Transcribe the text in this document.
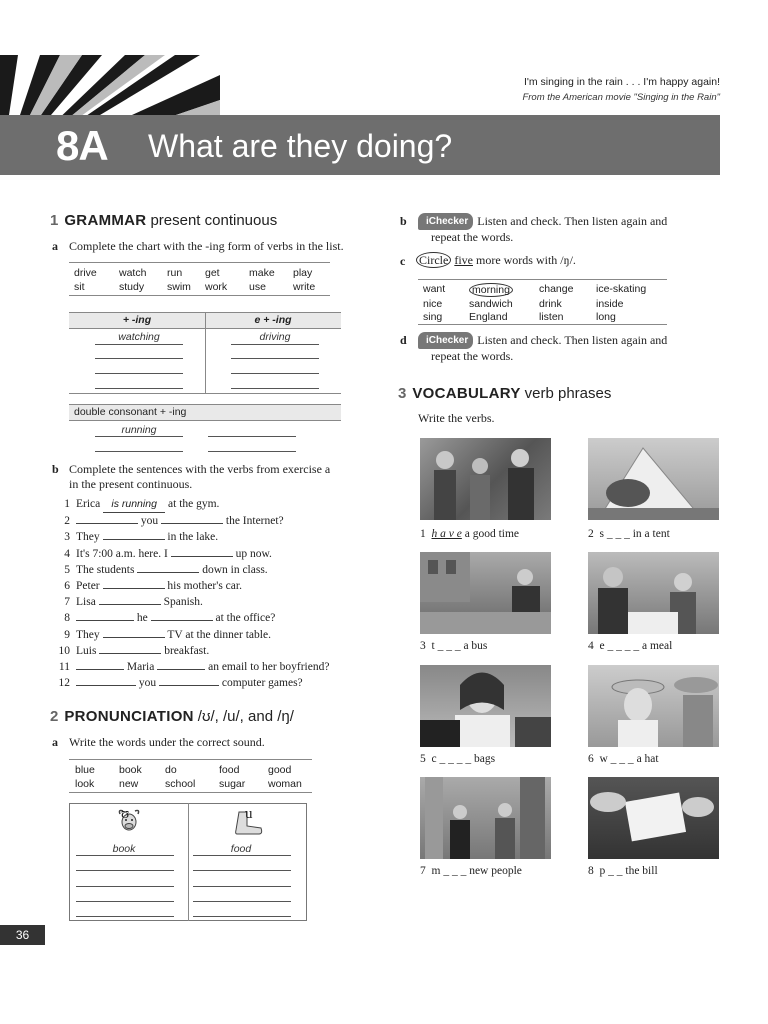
I'm singing in the rain . . . I'm happy again!
From the American movie "Singing in the Rain"
8A What are they doing?
1 GRAMMAR present continuous
a Complete the chart with the -ing form of verbs in the list.
drive	watch	run	get	make	play
sit	study	swim	work	use	write
+ -ing	e + -ing
watching	driving
double consonant + -ing
running
b Complete the sentences with the verbs from exercise a
in the present continuous.
1 Erica
	is running
at the gym.
2
	you

	the Internet?
3 They

	in the lake.
4 It's 7:00 a.m. here. I

	up now.
5 The students

	down in class.
6 Peter

	his mother's car.
7 Lisa

	Spanish.
8
	he

	at the office?
9 They

	TV at the dinner table.
10 Luis

	breakfast.
11
	Maria

	an email to her boyfriend?
12
	you

	computer games?
2 PRONUNCIATION /ʊ/, /u/, and /ŋ/
a Write the words under the correct sound.
blue	book	do	food	good
look	new	school	sugar	woman
ʊ	u
book	food
b	iChecker Listen and check. Then listen again and
repeat the words.
c Circle five more words with /ŋ/.
want	morning	change	ice-skating
nice	sandwich	drink	inside
sing	England	listen	long
d	iChecker Listen and check. Then listen again and
repeat the words.
3 VOCABULARY verb phrases
Write the verbs.
1 h a v e a good time	2 s _ _ _ in a tent
3 t _ _ _ a bus	4 e _ _ _ _ a meal
5 c _ _ _ _ bags	6 w _ _ _ a hat
7 m _ _ _ new people	8 p _ _ the bill
36
